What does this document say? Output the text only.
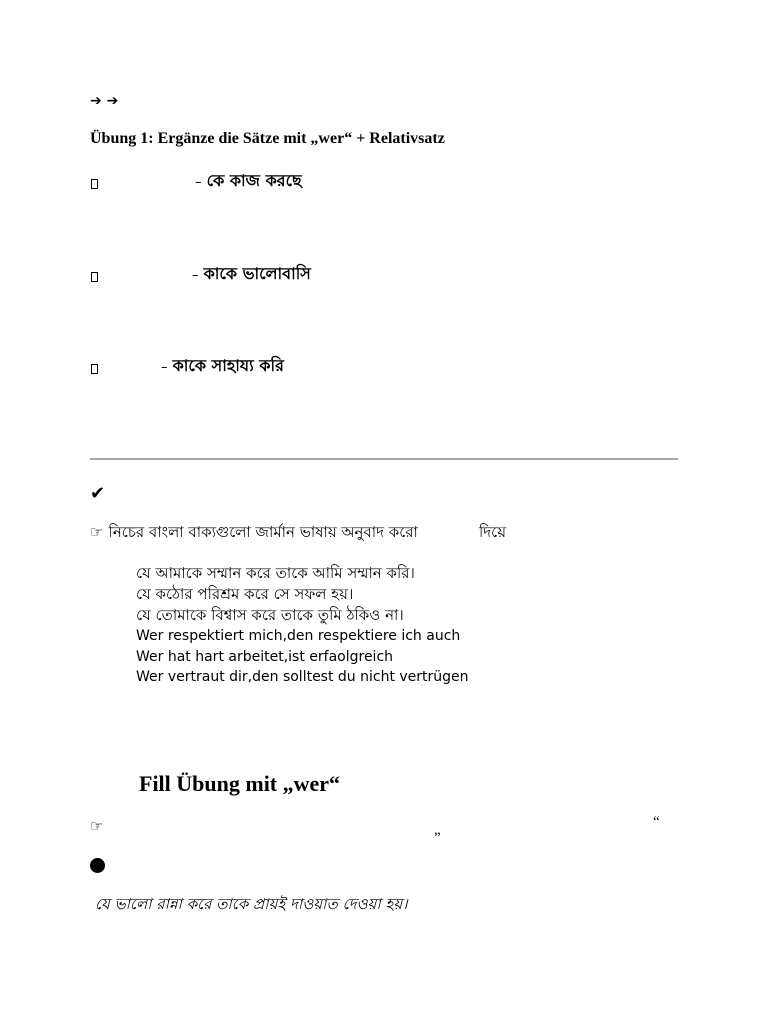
➔ ➔
Übung 1: Ergänze die Sätze mit „wer“ + Relativsatz
– কে কাজ করছে
– কাকে ভালোবাসি
– কাকে সাহায্য করি
✔
☞ নিচের বাংলা বাক্যগুলো জার্মান ভাষায় অনুবাদ করো	দিয়ে
যে আমাকে সম্মান করে তাকে আমি সম্মান করি।
যে কঠোর পরিশ্রম করে সে সফল হয়।
যে তোমাকে বিশ্বাস করে তাকে তুমি ঠকিও না।
Wer respektiert mich,den respektiere ich auch
Wer hat hart arbeitet,ist erfaolgreich
Wer vertraut dir,den solltest du nicht vertrügen
Fill Übung mit „wer“
☞	„	“
যে ভালো রান্না করে তাকে প্রায়ই দাওয়াত দেওয়া হয়।
